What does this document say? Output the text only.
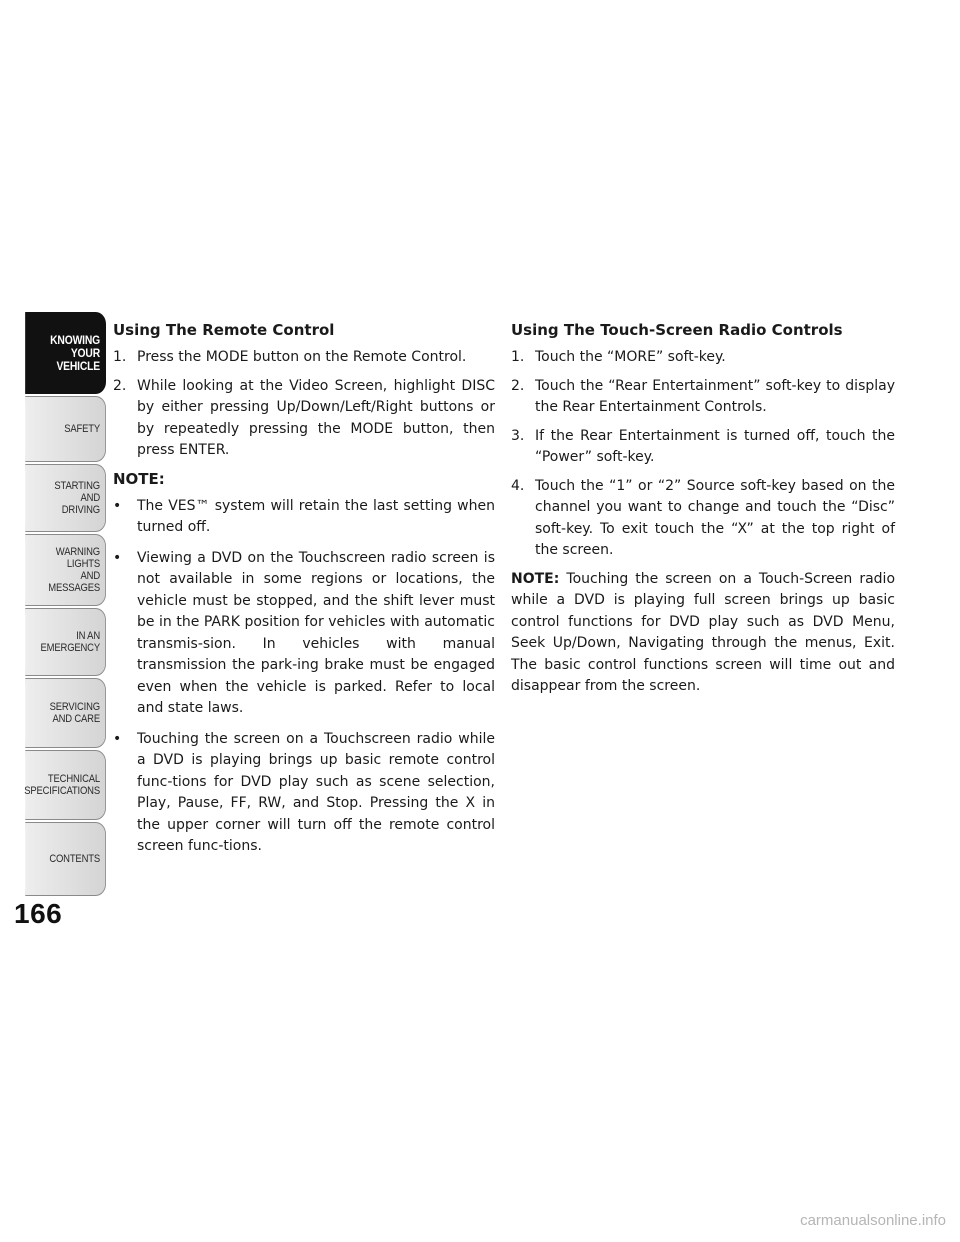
KNOWING
YOUR
VEHICLE
SAFETY
STARTING
AND
DRIVING
WARNING
LIGHTS
AND
MESSAGES
IN AN
EMERGENCY
SERVICING
AND CARE
TECHNICAL
SPECIFICATIONS
CONTENTS
166
Using The Remote Control

1. Press the MODE button on the Remote Control.

2. While looking at the Video Screen, highlight DISC by either pressing Up/Down/Left/Right buttons or by repeatedly pressing the MODE button, then press ENTER.

NOTE:

• The VES™ system will retain the last setting when turned off.

• Viewing a DVD on the Touchscreen radio screen is not available in some regions or locations, the vehicle must be stopped, and the shift lever must be in the PARK position for vehicles with automatic transmis-sion. In vehicles with manual transmission the park-ing brake must be engaged even when the vehicle is parked. Refer to local and state laws.

• Touching the screen on a Touchscreen radio while a DVD is playing brings up basic remote control func-tions for DVD play such as scene selection, Play, Pause, FF, RW, and Stop. Pressing the X in the upper corner will turn off the remote control screen func-tions.

Using The Touch-Screen Radio Controls

1. Touch the “MORE” soft-key.

2. Touch the “Rear Entertainment” soft-key to display the Rear Entertainment Controls.

3. If the Rear Entertainment is turned off, touch the “Power” soft-key.

4. Touch the “1” or “2” Source soft-key based on the channel you want to change and touch the “Disc” soft-key. To exit touch the “X” at the top right of the screen.

NOTE: Touching the screen on a Touch-Screen radio while a DVD is playing full screen brings up basic control functions for DVD play such as DVD Menu, Seek Up/Down, Navigating through the menus, Exit. The basic control functions screen will time out and disappear from the screen.

carmanualsonline.info
